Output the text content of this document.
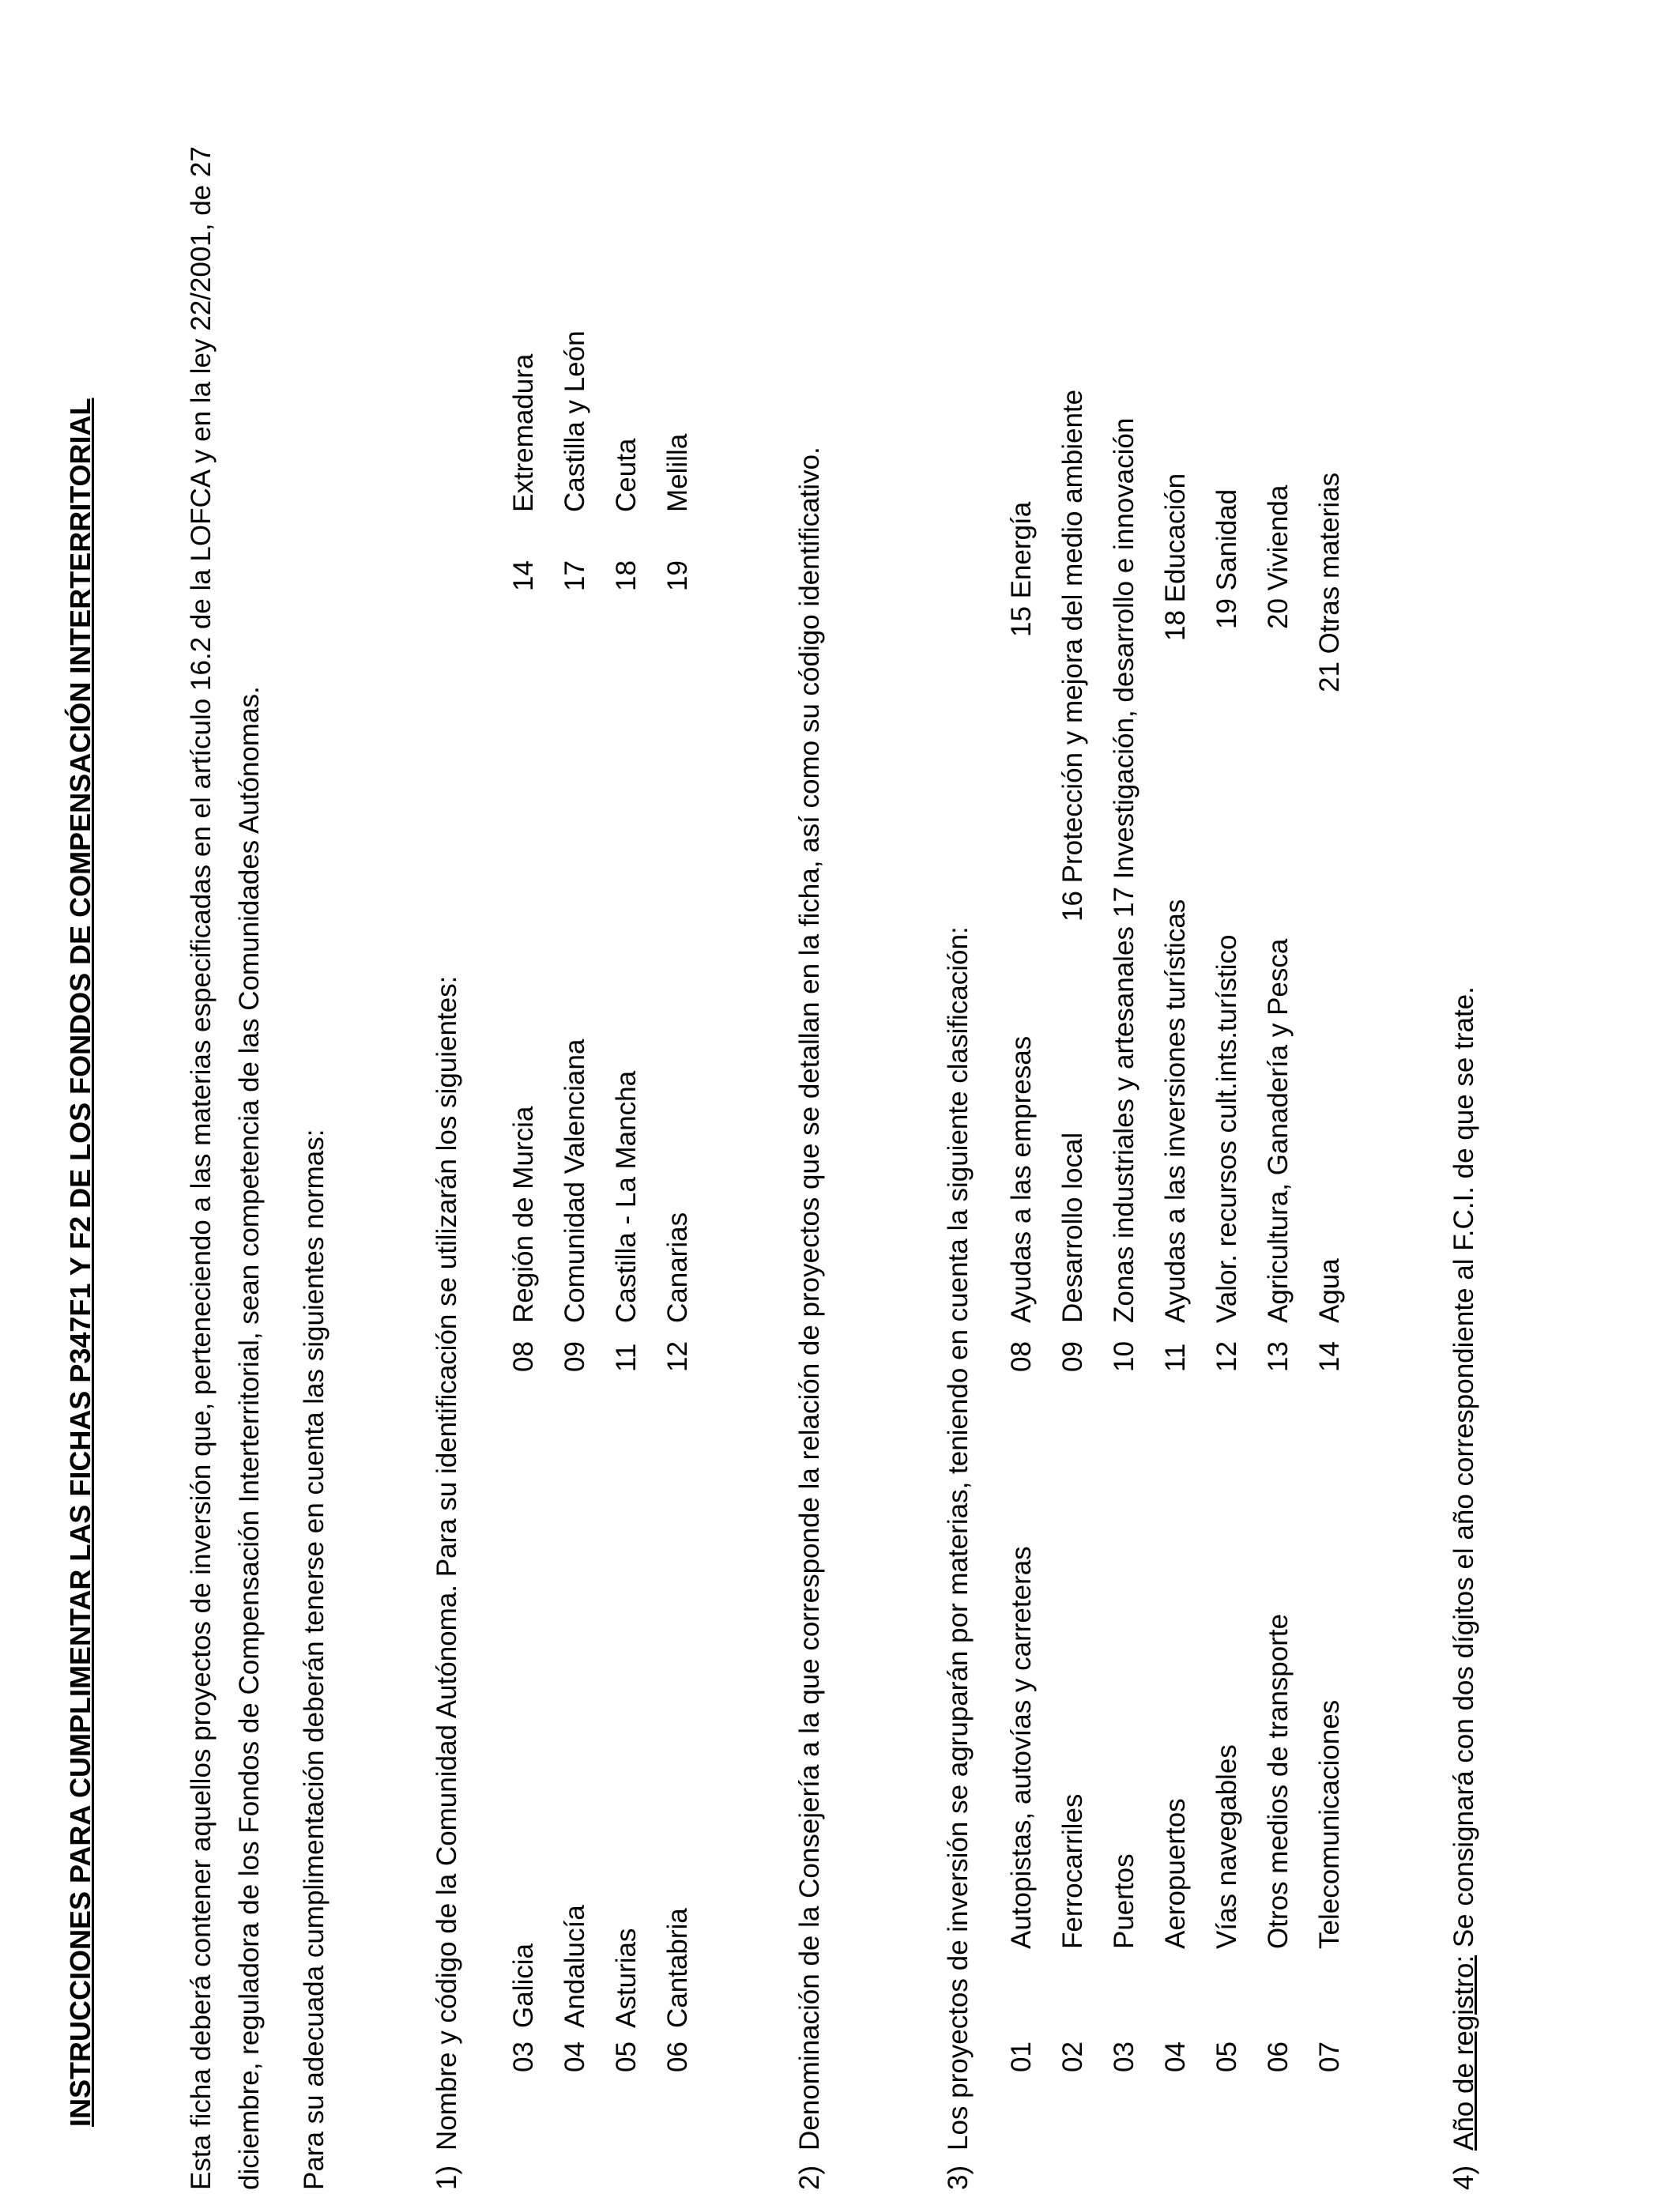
INSTRUCCIONES PARA CUMPLIMENTAR LAS FICHAS P347F1 Y F2 DE LOS FONDOS DE COMPENSACIÓN INTERTERRITORIAL	Esta ficha deberá contener aquellos proyectos de inversión que, perteneciendo a las materias especificadas en el artículo 16.2 de la LOFCA y en la ley 22/2001, de 27 diciembre, reguladora de los Fondos de Compensación Interterritorial, sean competencia de las Comunidades Autónomas. Para su adecuada cumplimentación deberán tenerse en cuenta las siguientes normas:	1)
Nombre y código de la Comunidad Autónoma. Para su identificación se utilizarán los siguientes: 03
Galicia
04
Andalucía
05
Asturias
06
Cantabria
08
Región de Murcia
09
Comunidad Valenciana
11
Castilla - La Mancha
12
Canarias
14
Extremadura
17
Castilla y León
18
Ceuta
19
Melilla
2)
Denominación de la Consejería a la que corresponde la relación de proyectos que se detallan en la ficha, así como su código identificativo.
3)
Los proyectos de inversión se agruparán por materias, teniendo en cuenta la siguiente clasificación: 01
Autopistas, autovías y carreteras
02
Ferrocarriles
03
Puertos
04
Aeropuertos
05
Vías navegables
06
Otros medios de transporte
07
Telecomunicaciones
08
Ayudas a las empresas
09
Desarrollo local
10
Zonas industriales y artesanales
11
Ayudas a las inversiones turísticas
12
Valor. recursos cult.ints.turístico
13
Agricultura, Ganadería y Pesca
14
Agua
15 Energía 16 Protección y mejora del medio ambiente 17 Investigación, desarrollo e innovación 18 Educación 19 Sanidad 20 Vivienda 21 Otras materias
4)
Año de registro: Se consignará con dos dígitos el año correspondiente al F.C.I. de que se trate.
